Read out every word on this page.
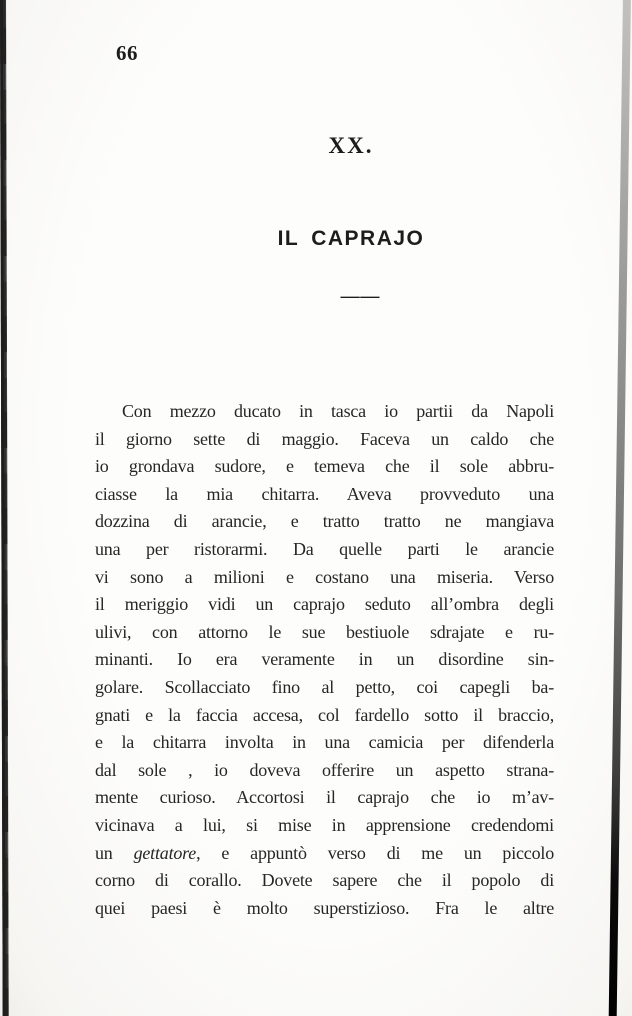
66
XX.
IL CAPRAJO
— —
Con mezzo ducato in tasca io partii da Napoli
il giorno sette di maggio. Faceva un caldo che
io grondava sudore, e temeva che il sole abbru-
ciasse la mia chitarra. Aveva provveduto una
dozzina di arancie, e tratto tratto ne mangiava
una per ristorarmi. Da quelle parti le arancie
vi sono a milioni e costano una miseria. Verso
il meriggio vidi un caprajo seduto all’ombra degli
ulivi, con attorno le sue bestiuole sdrajate e ru-
minanti. Io era veramente in un disordine sin-
golare. Scollacciato fino al petto, coi capegli ba-
gnati e la faccia accesa, col fardello sotto il braccio,
e la chitarra involta in una camicia per difenderla
dal sole , io doveva offerire un aspetto strana-
mente curioso. Accortosi il caprajo che io m’av-
vicinava a lui, si mise in apprensione credendomi
un gettatore, e appuntò verso di me un piccolo
corno di corallo. Dovete sapere che il popolo di
quei paesi è molto superstizioso. Fra le altre
